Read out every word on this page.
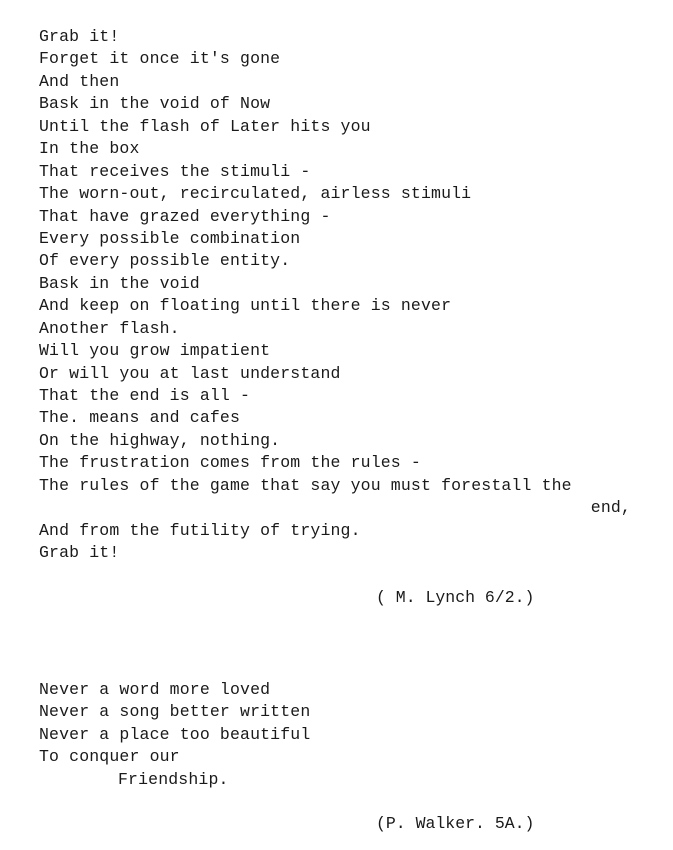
Grab it!
Forget it once it's gone
And then
Bask in the void of Now
Until the flash of Later hits you
In the box
That receives the stimuli -
The worn-out, recirculated, airless stimuli
That have grazed everything -
Every possible combination
Of every possible entity.
Bask in the void
And keep on floating until there is never
Another flash.
Will you grow impatient
Or will you at last understand
That the end is all -
The. means and cafes
On the highway, nothing.
The frustration comes from the rules -
The rules of the game that say you must forestall the
end,
And from the futility of trying.
Grab it!
( M. Lynch 6/2.)
Never a word more loved
Never a song better written
Never a place too beautiful
To conquer our
Friendship.
(P. Walker. 5A.)
